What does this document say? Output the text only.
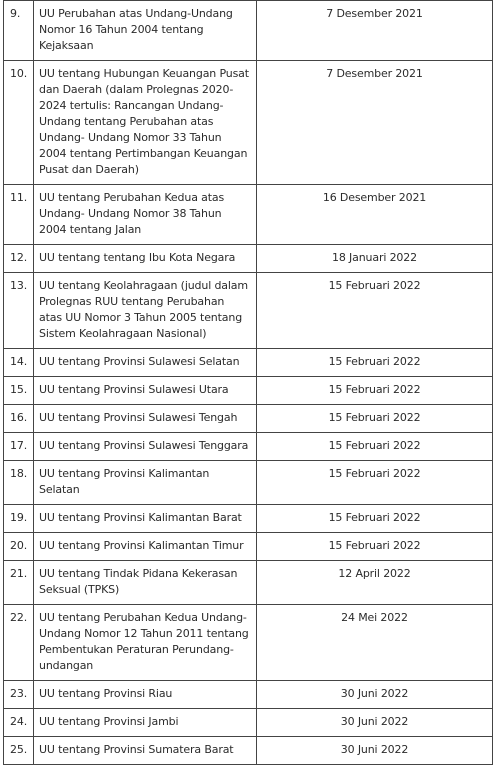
9.	UU Perubahan atas Undang-Undang Nomor 16 Tahun 2004 tentang Kejaksaan	7 Desember 2021
10.	UU tentang Hubungan Keuangan Pusat dan Daerah (dalam Prolegnas 2020-2024 tertulis: Rancangan Undang-Undang tentang Perubahan atas Undang- Undang Nomor 33 Tahun 2004 tentang Pertimbangan Keuangan Pusat dan Daerah)	7 Desember 2021
11.	UU tentang Perubahan Kedua atas Undang- Undang Nomor 38 Tahun 2004 tentang Jalan	16 Desember 2021
12.	UU tentang tentang Ibu Kota Negara	18 Januari 2022
13.	UU tentang Keolahragaan (judul dalam Prolegnas RUU tentang Perubahan atas UU Nomor 3 Tahun 2005 tentang Sistem Keolahragaan Nasional)	15 Februari 2022
14.	UU tentang Provinsi Sulawesi Selatan	15 Februari 2022
15.	UU tentang Provinsi Sulawesi Utara	15 Februari 2022
16.	UU tentang Provinsi Sulawesi Tengah	15 Februari 2022
17.	UU tentang Provinsi Sulawesi Tenggara	15 Februari 2022
18.	UU tentang Provinsi Kalimantan Selatan	15 Februari 2022
19.	UU tentang Provinsi Kalimantan Barat	15 Februari 2022
20.	UU tentang Provinsi Kalimantan Timur	15 Februari 2022
21.	UU tentang Tindak Pidana Kekerasan Seksual (TPKS)	12 April 2022
22.	UU tentang Perubahan Kedua Undang-Undang Nomor 12 Tahun 2011 tentang Pembentukan Peraturan Perundang-undangan	24 Mei 2022
23.	UU tentang Provinsi Riau	30 Juni 2022
24.	UU tentang Provinsi Jambi	30 Juni 2022
25.	UU tentang Provinsi Sumatera Barat	30 Juni 2022
